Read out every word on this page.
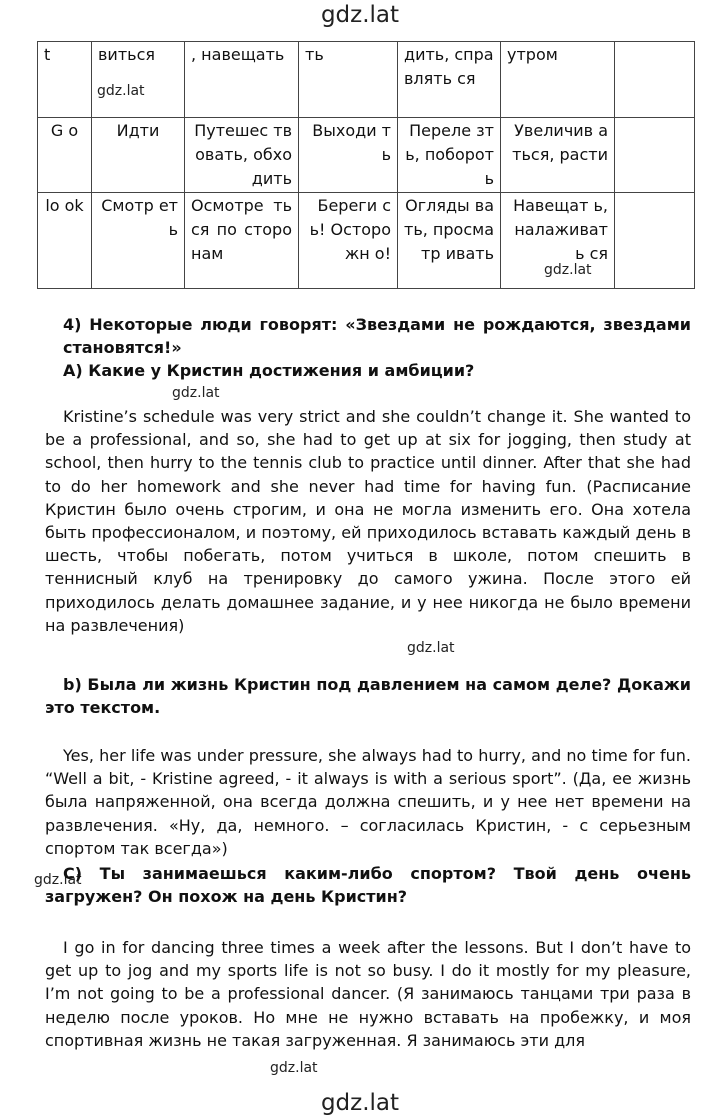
gdz.lat
t	виться	, навещать	ть	дить, справлять ся	утром	
G o	Идти	Путешес твовать, обходить	Выходи ть	Переле зть, побороть	Увеличив аться, расти	
lo ok	Смотр еть	Осмотре ться по сторонам	Береги сь! Осторожн о!	Огляды вать, просматр ивать	Навещат ь, налаживать ся	
gdz.lat
gdz.lat

4) Некоторые люди говорят: «Звездами не рождаются, звездами становятся!»

A) Какие у Кристин достижения и амбиции?

gdz.lat

Kristine’s schedule was very strict and she couldn’t change it. She wanted to be a professional, and so, she had to get up at six for jogging, then study at school, then hurry to the tennis club to practice until dinner. After that she had to do her homework and she never had time for having fun. (Расписание Кристин было очень строгим, и она не могла изменить его. Она хотела быть профессионалом, и поэтому, ей приходилось вставать каждый день в шесть, чтобы побегать, потом учиться в школе, потом спешить в теннисный клуб на тренировку до самого ужина. После этого ей приходилось делать домашнее задание, и у нее никогда не было времени на развлечения)

gdz.lat

b) Была ли жизнь Кристин под давлением на самом деле? Докажи это текстом.

Yes, her life was under pressure, she always had to hurry, and no time for fun. “Well a bit, - Kristine agreed, - it always is with a serious sport”. (Да, ее жизнь была напряженной, она всегда должна спешить, и у нее нет времени на развлечения. «Ну, да, немного. – согласилась Кристин, - с серьезным спортом так всегда»)

gdz.lat

C) Ты занимаешься каким-либо спортом? Твой день очень загружен? Он похож на день Кристин?

I go in for dancing three times a week after the lessons. But I don’t have to get up to jog and my sports life is not so busy. I do it mostly for my pleasure, I’m not going to be a professional dancer. (Я занимаюсь танцами три раза в неделю после уроков. Но мне не нужно вставать на пробежку, и моя спортивная жизнь не такая загруженная. Я занимаюсь эти для

gdz.lat
gdz.lat
